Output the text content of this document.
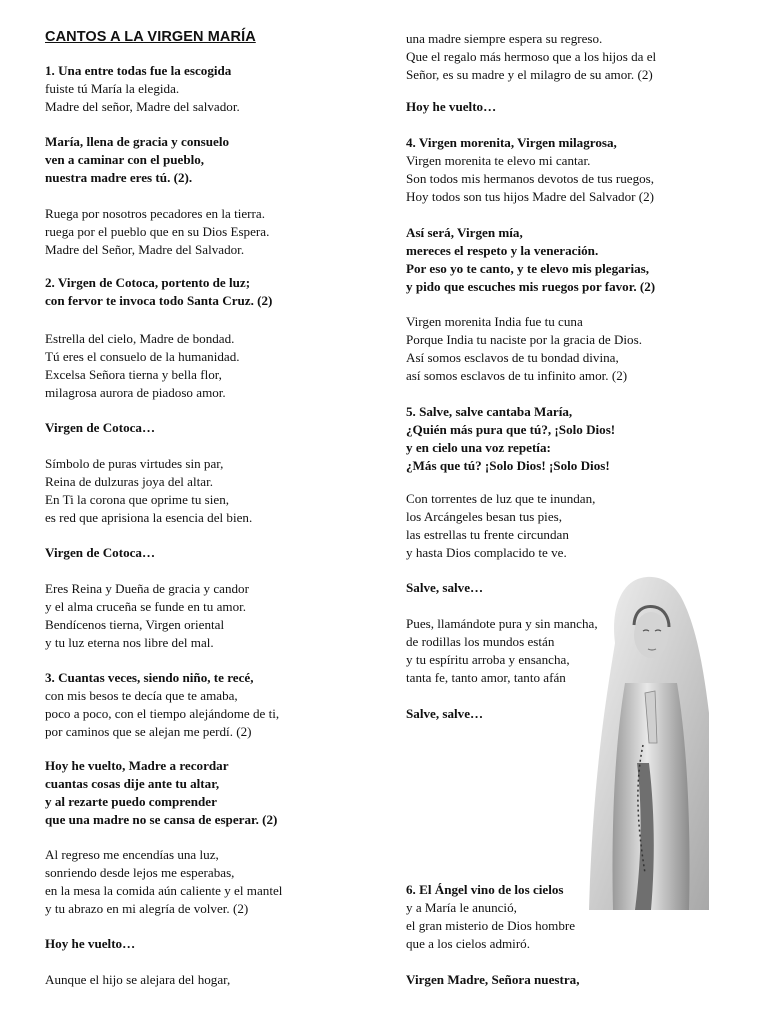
CANTOS A LA VIRGEN MARÍA
1. Una entre todas fue la escogida
fuiste tú María la elegida.
Madre del señor, Madre del salvador.
María, llena de gracia y consuelo
ven a caminar con el pueblo,
nuestra madre eres tú. (2).
Ruega por nosotros pecadores en la tierra.
ruega por el pueblo que en su Dios Espera.
Madre del Señor, Madre del Salvador.
2. Virgen de Cotoca, portento de luz;
con fervor te invoca todo Santa Cruz. (2)
Estrella del cielo, Madre de bondad.
Tú eres el consuelo de la humanidad.
Excelsa Señora tierna y bella flor,
milagrosa aurora de piadoso amor.
Virgen de Cotoca…
Símbolo de puras virtudes sin par,
Reina de dulzuras joya del altar.
En Ti la corona que oprime tu sien,
es red que aprisiona la esencia del bien.
Virgen de Cotoca…
Eres Reina y Dueña de gracia y candor
y el alma cruceña se funde en tu amor.
Bendícenos tierna, Virgen oriental
y tu luz eterna nos libre del mal.
3. Cuantas veces, siendo niño, te recé,
con mis besos te decía que te amaba,
poco a poco, con el tiempo alejándome de ti,
por caminos que se alejan me perdí. (2)
Hoy he vuelto, Madre a recordar
cuantas cosas dije ante tu altar,
y al rezarte puedo comprender
que una madre no se cansa de esperar. (2)
Al regreso me encendías una luz,
sonriendo desde lejos me esperabas,
en la mesa la comida aún caliente y el mantel
y tu abrazo en mi alegría de volver. (2)
Hoy he vuelto…
Aunque el hijo se alejara del hogar,
una madre siempre espera su regreso.
Que el regalo más hermoso que a los hijos da el
Señor, es su madre y el milagro de su amor. (2)
Hoy he vuelto…
4. Virgen morenita, Virgen milagrosa,
Virgen morenita te elevo mi cantar.
Son todos mis hermanos devotos de tus ruegos,
Hoy todos son tus hijos Madre del Salvador (2)
Así será, Virgen mía,
mereces el respeto y la veneración.
Por eso yo te canto, y te elevo mis plegarias,
y pido que escuches mis ruegos por favor. (2)
Virgen morenita India fue tu cuna
Porque India tu naciste por la gracia de Dios.
Así somos esclavos de tu bondad divina,
así somos esclavos de tu infinito amor. (2)
5. Salve, salve cantaba María,
¿Quién más pura que tú?, ¡Solo Dios!
y en cielo una voz repetía:
¿Más que tú? ¡Solo Dios! ¡Solo Dios!
Con torrentes de luz que te inundan,
los Arcángeles besan tus pies,
las estrellas tu frente circundan
y hasta Dios complacido te ve.
Salve, salve…
Pues, llamándote pura y sin mancha,
de rodillas los mundos están
y tu espíritu arroba y ensancha,
tanta fe, tanto amor, tanto afán
Salve, salve…
6. El Ángel vino de los cielos
y a María le anunció,
el gran misterio de Dios hombre
que a los cielos admiró.
Virgen Madre, Señora nuestra,
